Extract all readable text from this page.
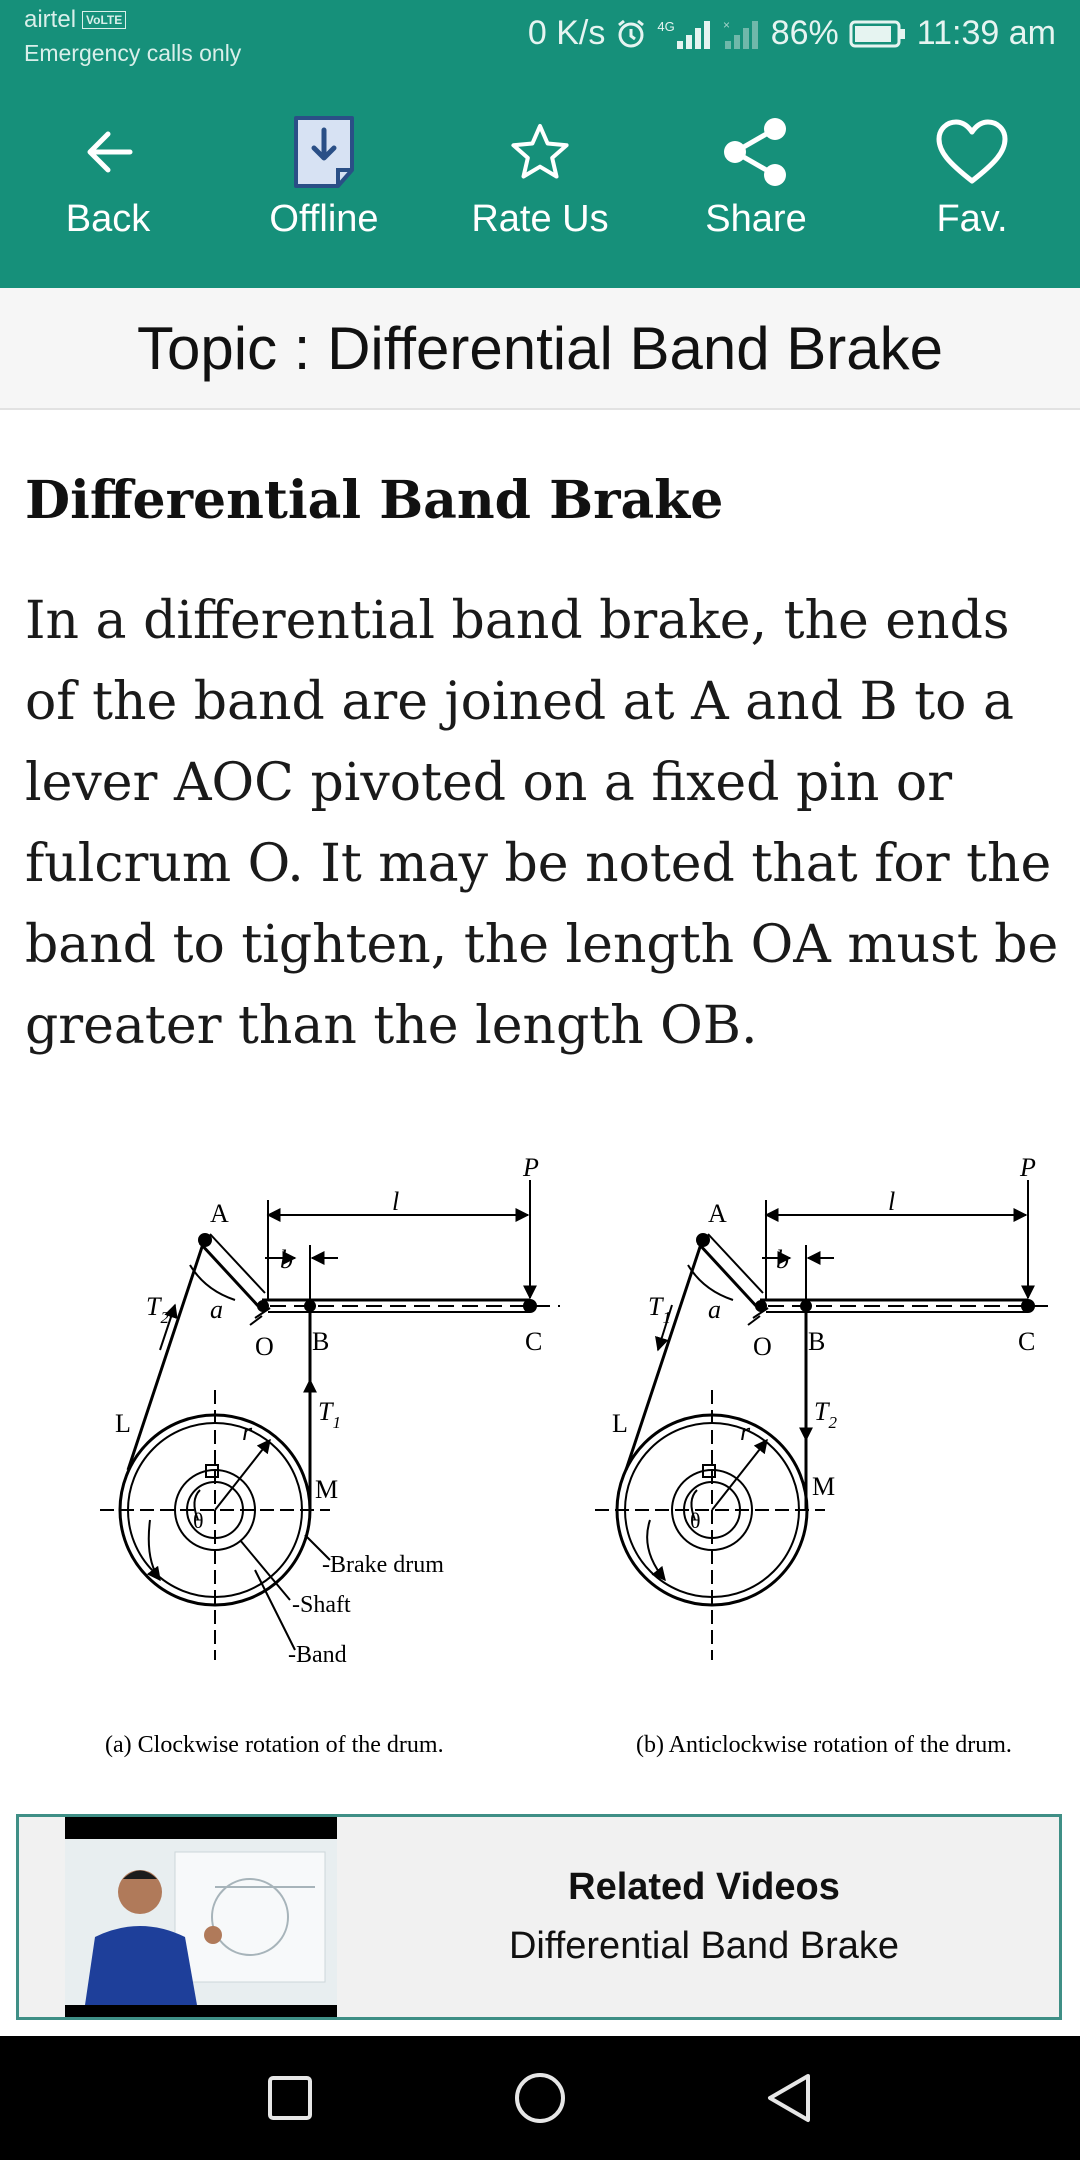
airtel VoLTE
Emergency calls only
0 K/s	4G	× 86% 11:39 am
Back	Offline Rate Us	Share	Fav.
Topic : Differential Band Brake
Differential Band Brake

In a differential band brake, the ends of the band are joined at A and B to a lever AOC pivoted on a fixed pin or fulcrum O. It may be noted that for the band to tighten, the length OA must be greater than the length OB.

P
A	l
b
$T_2$ a
O B	C
L	$T_1$
r
M
θ
-Brake drum
-Shaft
-Band
(a) Clockwise rotation of the drum.
P
A	l
b
$T_1$ a
O B	C
L	$T_2$
r
M
θ
(b) Anticlockwise rotation of the drum.
Related Videos
Differential Band Brake
